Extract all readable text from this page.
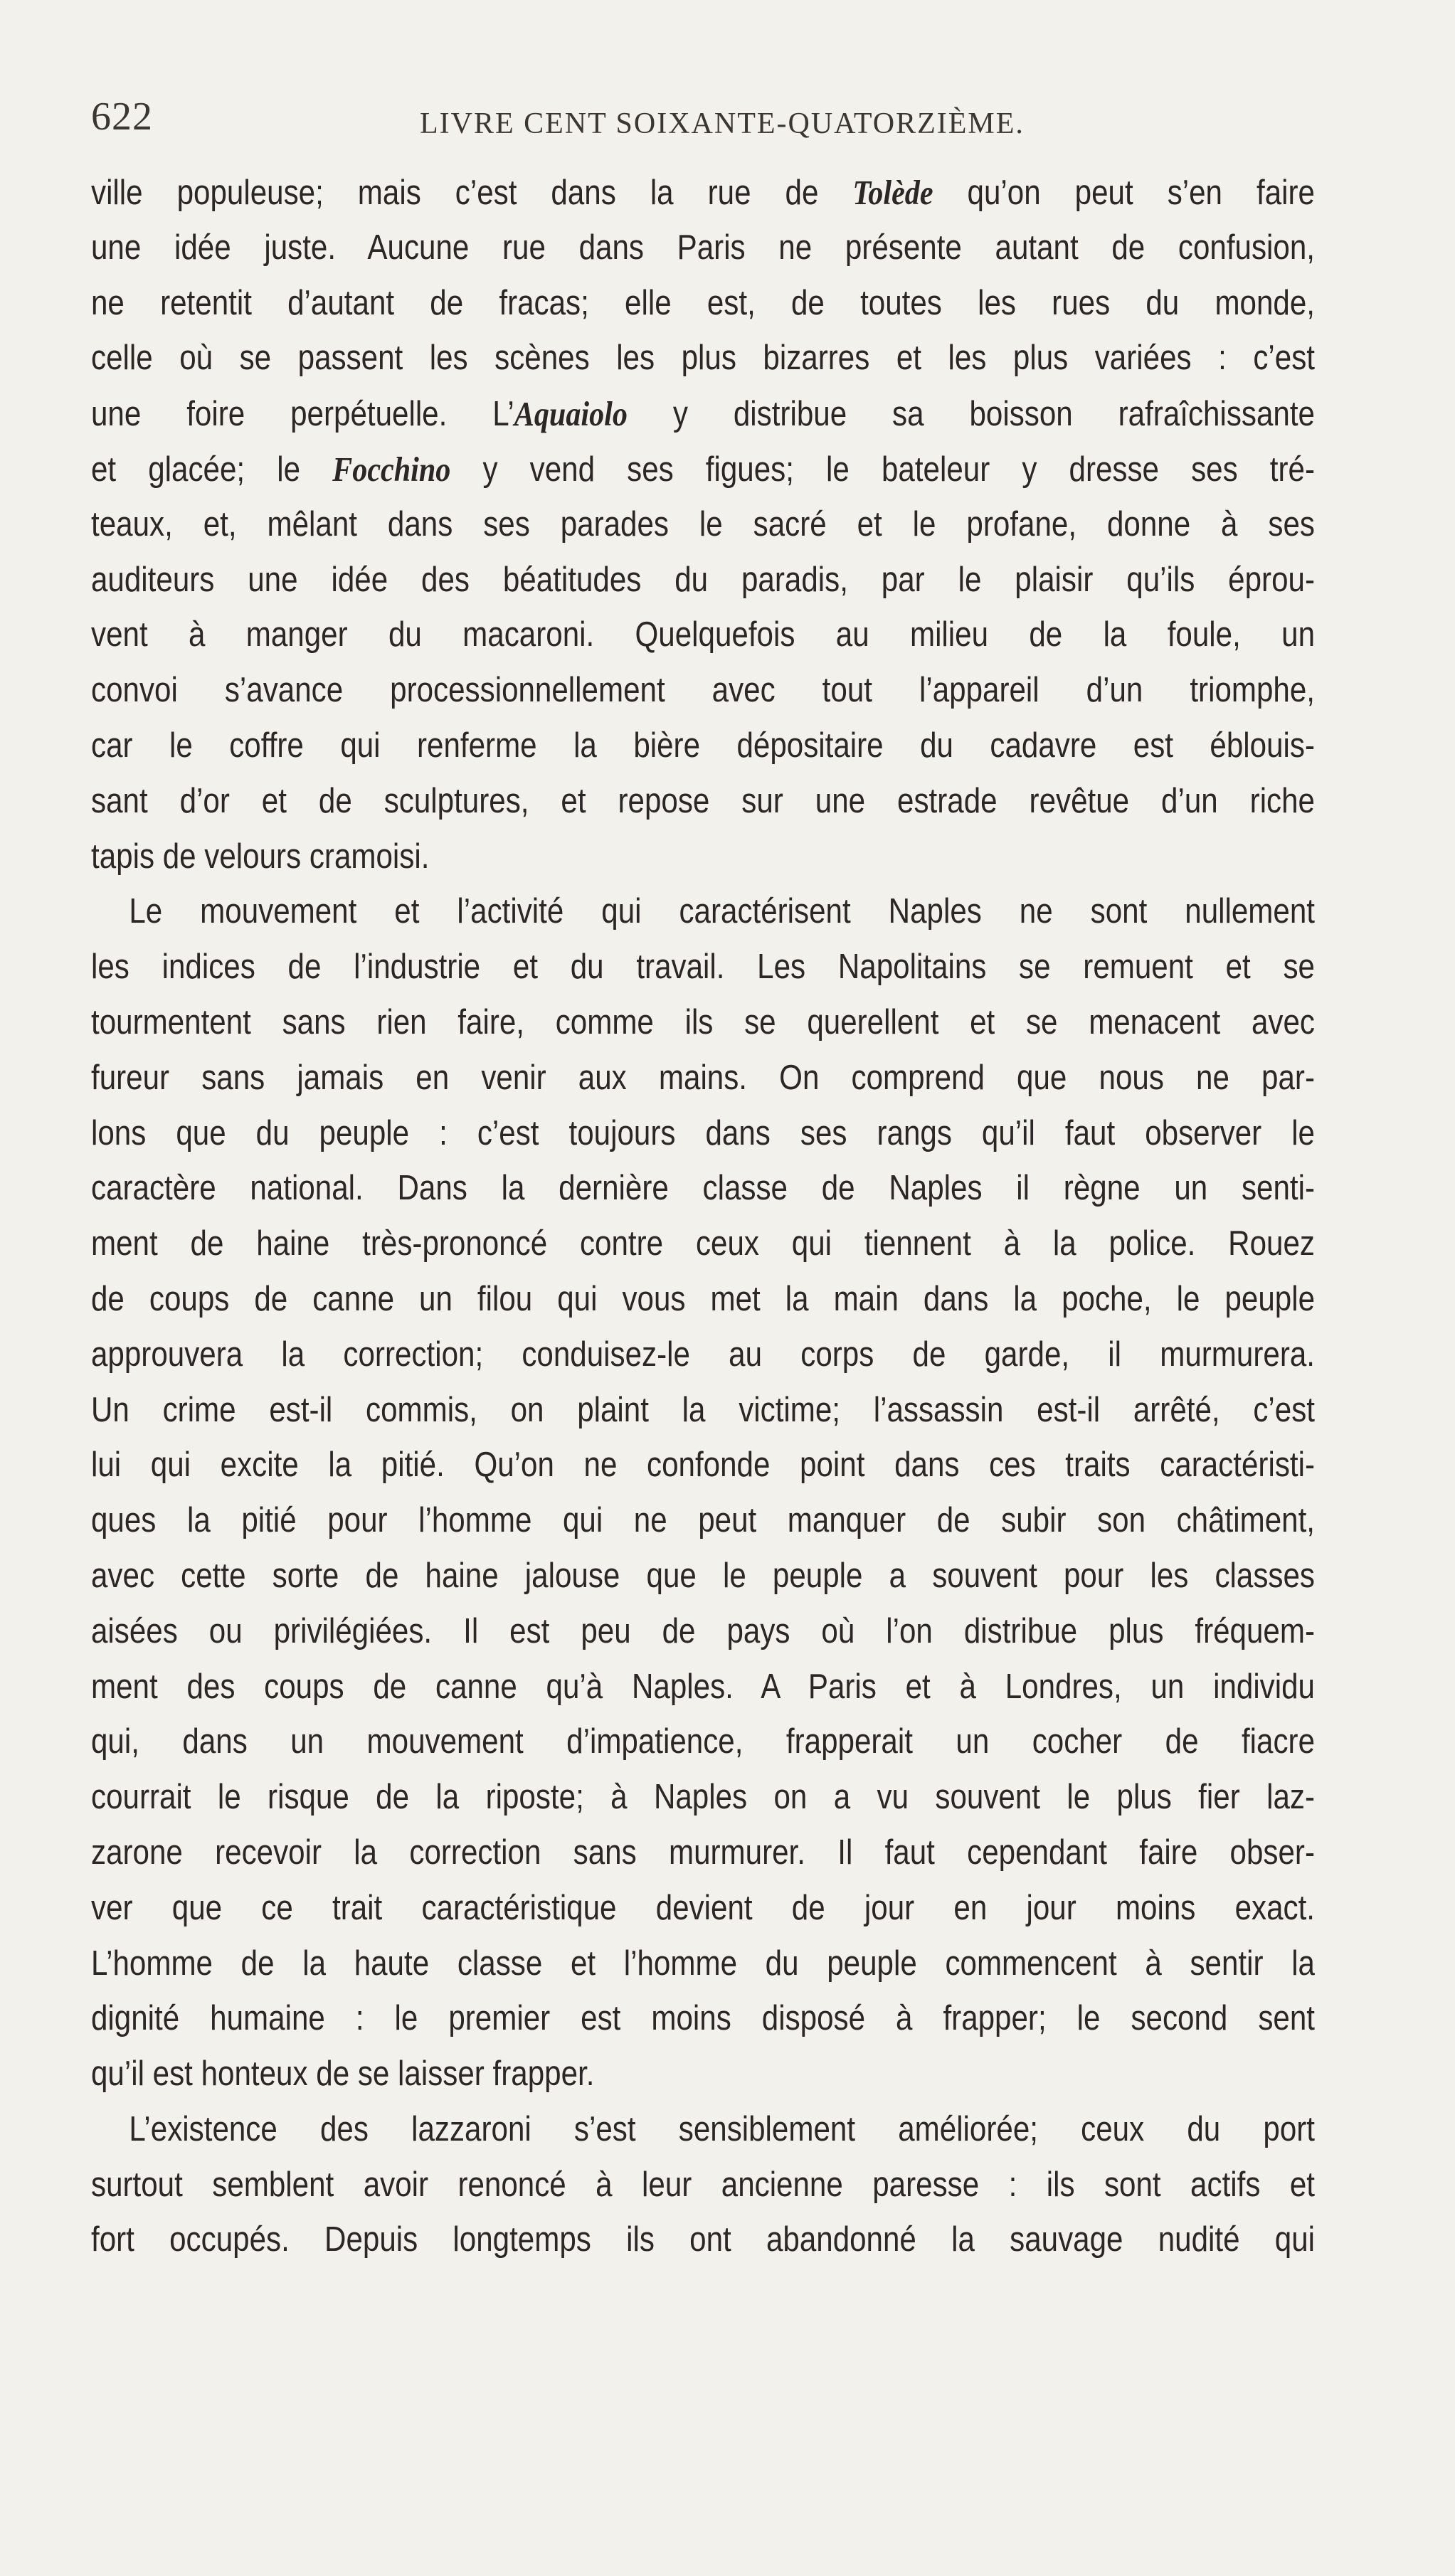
622	LIVRE CENT SOIXANTE-QUATORZIÈME.
ville populeuse; mais c’est dans la rue de Tolède qu’on peut s’en faire
une idée juste. Aucune rue dans Paris ne présente autant de confusion,
ne retentit d’autant de fracas; elle est, de toutes les rues du monde,
celle où se passent les scènes les plus bizarres et les plus variées : c’est
une foire perpétuelle. L’Aquaiolo y distribue sa boisson rafraîchissante
et glacée; le Focchino y vend ses figues; le bateleur y dresse ses tré-
teaux, et, mêlant dans ses parades le sacré et le profane, donne à ses
auditeurs une idée des béatitudes du paradis, par le plaisir qu’ils éprou-
vent à manger du macaroni. Quelquefois au milieu de la foule, un
convoi s’avance processionnellement avec tout l’appareil d’un triomphe,
car le coffre qui renferme la bière dépositaire du cadavre est éblouis-
sant d’or et de sculptures, et repose sur une estrade revêtue d’un riche
tapis de velours cramoisi.
Le mouvement et l’activité qui caractérisent Naples ne sont nullement
les indices de l’industrie et du travail. Les Napolitains se remuent et se
tourmentent sans rien faire, comme ils se querellent et se menacent avec
fureur sans jamais en venir aux mains. On comprend que nous ne par-
lons que du peuple : c’est toujours dans ses rangs qu’il faut observer le
caractère national. Dans la dernière classe de Naples il règne un senti-
ment de haine très-prononcé contre ceux qui tiennent à la police. Rouez
de coups de canne un filou qui vous met la main dans la poche, le peuple
approuvera la correction; conduisez-le au corps de garde, il murmurera.
Un crime est-il commis, on plaint la victime; l’assassin est-il arrêté, c’est
lui qui excite la pitié. Qu’on ne confonde point dans ces traits caractéristi-
ques la pitié pour l’homme qui ne peut manquer de subir son châtiment,
avec cette sorte de haine jalouse que le peuple a souvent pour les classes
aisées ou privilégiées. Il est peu de pays où l’on distribue plus fréquem-
ment des coups de canne qu’à Naples. A Paris et à Londres, un individu
qui, dans un mouvement d’impatience, frapperait un cocher de fiacre
courrait le risque de la riposte; à Naples on a vu souvent le plus fier laz-
zarone recevoir la correction sans murmurer. Il faut cependant faire obser-
ver que ce trait caractéristique devient de jour en jour moins exact.
L’homme de la haute classe et l’homme du peuple commencent à sentir la
dignité humaine : le premier est moins disposé à frapper; le second sent
qu’il est honteux de se laisser frapper.
L’existence des lazzaroni s’est sensiblement améliorée; ceux du port
surtout semblent avoir renoncé à leur ancienne paresse : ils sont actifs et
fort occupés. Depuis longtemps ils ont abandonné la sauvage nudité qui
